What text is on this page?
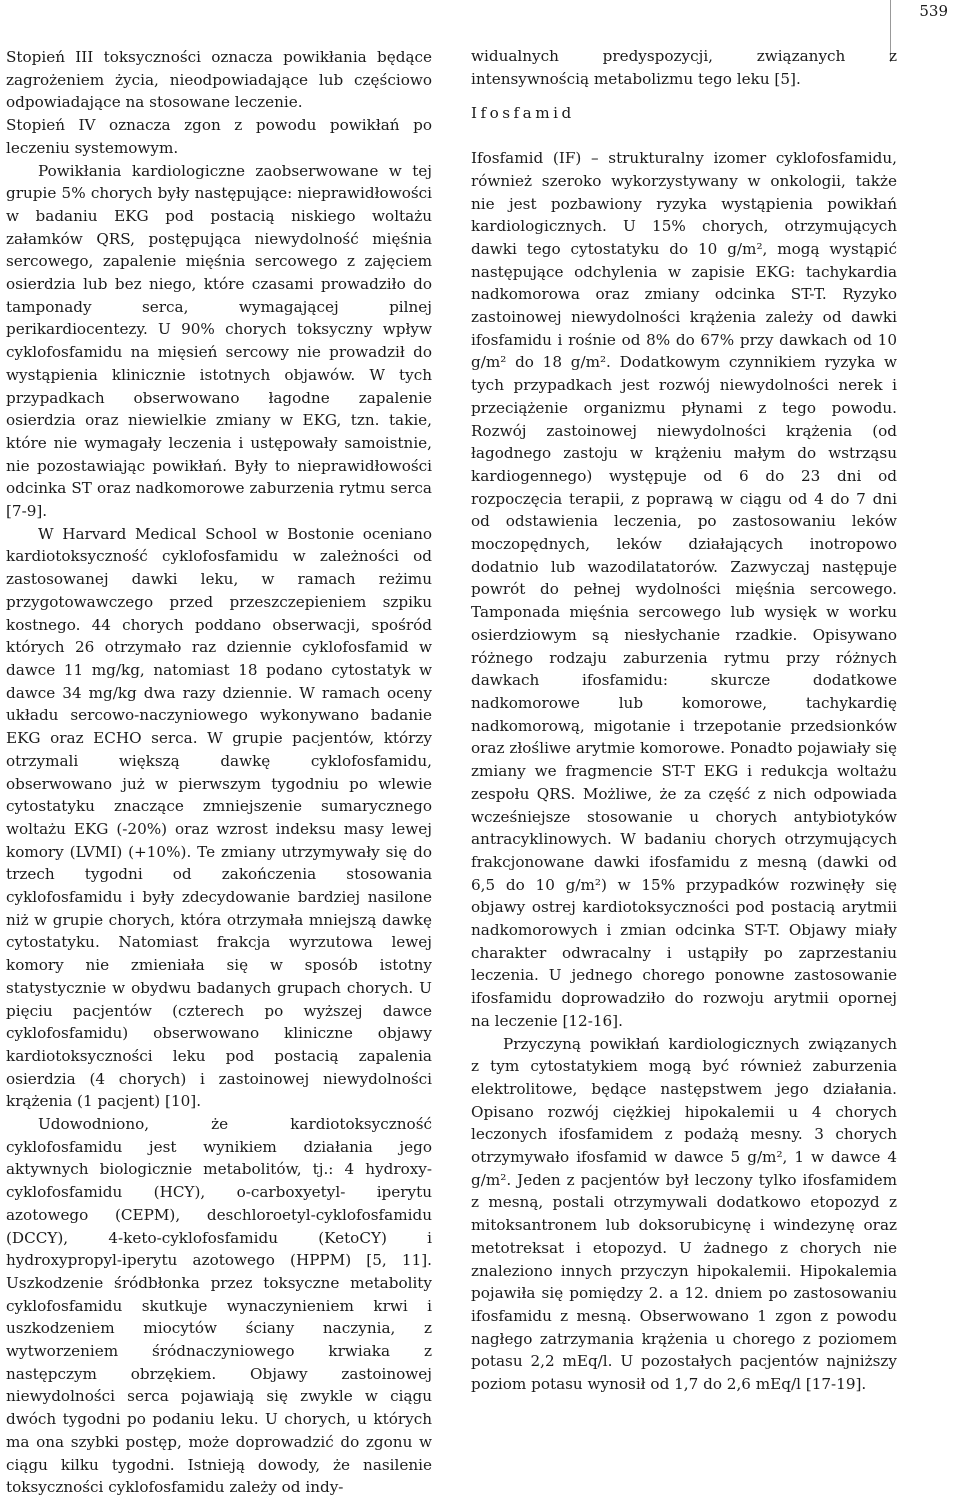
539

Stopień III toksyczności oznacza powikłania będące zagrożeniem życia, nieodpowiadające lub częściowo odpowiadające na stosowane leczenie.

Stopień IV oznacza zgon z powodu powikłań po leczeniu systemowym.

Powikłania kardiologiczne zaobserwowane w tej grupie 5% chorych były następujące: nieprawidłowości w badaniu EKG pod postacią niskiego woltażu załamków QRS, postępująca niewydolność mięśnia sercowego, zapalenie mięśnia sercowego z zajęciem osierdzia lub bez niego, które czasami prowadziło do tamponady serca, wymagającej pilnej perikardiocentezy. U 90% chorych toksyczny wpływ cyklofosfamidu na mięsień sercowy nie prowadził do wystąpienia klinicznie istotnych objawów. W tych przypadkach obserwowano łagodne zapalenie osierdzia oraz niewielkie zmiany w EKG, tzn. takie, które nie wymagały leczenia i ustępowały samoistnie, nie pozostawiając powikłań. Były to nieprawidłowości odcinka ST oraz nadkomorowe zaburzenia rytmu serca [7-9].

W Harvard Medical School w Bostonie oceniano kardiotoksyczność cyklofosfamidu w zależności od zastosowanej dawki leku, w ramach reżimu przygotowawczego przed przeszczepieniem szpiku kostnego. 44 chorych poddano obserwacji, spośród których 26 otrzymało raz dziennie cyklofosfamid w dawce 11 mg/kg, natomiast 18 podano cytostatyk w dawce 34 mg/kg dwa razy dziennie. W ramach oceny układu sercowo-naczyniowego wykonywano badanie EKG oraz ECHO serca. W grupie pacjentów, którzy otrzymali większą dawkę cyklofosfamidu, obserwowano już w pierwszym tygodniu po wlewie cytostatyku znaczące zmniejszenie sumarycznego woltażu EKG (-20%) oraz wzrost indeksu masy lewej komory (LVMI) (+10%). Te zmiany utrzymywały się do trzech tygodni od zakończenia stosowania cyklofosfamidu i były zdecydowanie bardziej nasilone niż w grupie chorych, która otrzymała mniejszą dawkę cytostatyku. Natomiast frakcja wyrzutowa lewej komory nie zmieniała się w sposób istotny statystycznie w obydwu badanych grupach chorych. U pięciu pacjentów (czterech po wyższej dawce cyklofosfamidu) obserwowano kliniczne objawy kardiotoksyczności leku pod postacią zapalenia osierdzia (4 chorych) i zastoinowej niewydolności krążenia (1 pacjent) [10].

Udowodniono, że kardiotoksyczność cyklofosfamidu jest wynikiem działania jego aktywnych biologicznie metabolitów, tj.: 4 hydroxy-cyklofosfamidu (HCY), o-carboxyetyl- iperytu azotowego (CEPM), deschloroetyl-cyklofosfamidu (DCCY), 4-keto-cyklofosfamidu (KetoCY) i hydroxypropyl-iperytu azotowego (HPPM) [5, 11]. Uszkodzenie śródbłonka przez toksyczne metabolity cyklofosfamidu skutkuje wynaczynieniem krwi i uszkodzeniem miocytów ściany naczynia, z wytworzeniem śródnaczyniowego krwiaka z następczym obrzękiem. Objawy zastoinowej niewydolności serca pojawiają się zwykle w ciągu dwóch tygodni po podaniu leku. U chorych, u których ma ona szybki postęp, może doprowadzić do zgonu w ciągu kilku tygodni. Istnieją dowody, że nasilenie toksyczności cyklofosfamidu zależy od indy-

widualnych predyspozycji, związanych z intensywnością metabolizmu tego leku [5].

Ifosfamid

Ifosfamid (IF) – strukturalny izomer cyklofosfamidu, również szeroko wykorzystywany w onkologii, także nie jest pozbawiony ryzyka wystąpienia powikłań kardiologicznych. U 15% chorych, otrzymujących dawki tego cytostatyku do 10 g/m², mogą wystąpić następujące odchylenia w zapisie EKG: tachykardia nadkomorowa oraz zmiany odcinka ST-T. Ryzyko zastoinowej niewydolności krążenia zależy od dawki ifosfamidu i rośnie od 8% do 67% przy dawkach od 10 g/m² do 18 g/m². Dodatkowym czynnikiem ryzyka w tych przypadkach jest rozwój niewydolności nerek i przeciążenie organizmu płynami z tego powodu. Rozwój zastoinowej niewydolności krążenia (od łagodnego zastoju w krążeniu małym do wstrząsu kardiogennego) występuje od 6 do 23 dni od rozpoczęcia terapii, z poprawą w ciągu od 4 do 7 dni od odstawienia leczenia, po zastosowaniu leków moczopędnych, leków działających inotropowo dodatnio lub wazodilatatorów. Zazwyczaj następuje powrót do pełnej wydolności mięśnia sercowego. Tamponada mięśnia sercowego lub wysięk w worku osierdziowym są niesłychanie rzadkie. Opisywano różnego rodzaju zaburzenia rytmu przy różnych dawkach ifosfamidu: skurcze dodatkowe nadkomorowe lub komorowe, tachykardię nadkomorową, migotanie i trzepotanie przedsionków oraz złośliwe arytmie komorowe. Ponadto pojawiały się zmiany we fragmencie ST-T EKG i redukcja woltażu zespołu QRS. Możliwe, że za część z nich odpowiada wcześniejsze stosowanie u chorych antybiotyków antracyklinowych. W badaniu chorych otrzymujących frakcjonowane dawki ifosfamidu z mesną (dawki od 6,5 do 10 g/m²) w 15% przypadków rozwinęły się objawy ostrej kardiotoksyczności pod postacią arytmii nadkomorowych i zmian odcinka ST-T. Objawy miały charakter odwracalny i ustąpiły po zaprzestaniu leczenia. U jednego chorego ponowne zastosowanie ifosfamidu doprowadziło do rozwoju arytmii opornej na leczenie [12-16].

Przyczyną powikłań kardiologicznych związanych z tym cytostatykiem mogą być również zaburzenia elektrolitowe, będące następstwem jego działania. Opisano rozwój ciężkiej hipokalemii u 4 chorych leczonych ifosfamidem z podażą mesny. 3 chorych otrzymywało ifosfamid w dawce 5 g/m², 1 w dawce 4 g/m². Jeden z pacjentów był leczony tylko ifosfamidem z mesną, postali otrzymywali dodatkowo etopozyd z mitoksantronem lub doksorubicynę i windezynę oraz metotreksat i etopozyd. U żadnego z chorych nie znaleziono innych przyczyn hipokalemii. Hipokalemia pojawiła się pomiędzy 2. a 12. dniem po zastosowaniu ifosfamidu z mesną. Obserwowano 1 zgon z powodu nagłego zatrzymania krążenia u chorego z poziomem potasu 2,2 mEq/l. U pozostałych pacjentów najniższy poziom potasu wynosił od 1,7 do 2,6 mEq/l [17-19].
